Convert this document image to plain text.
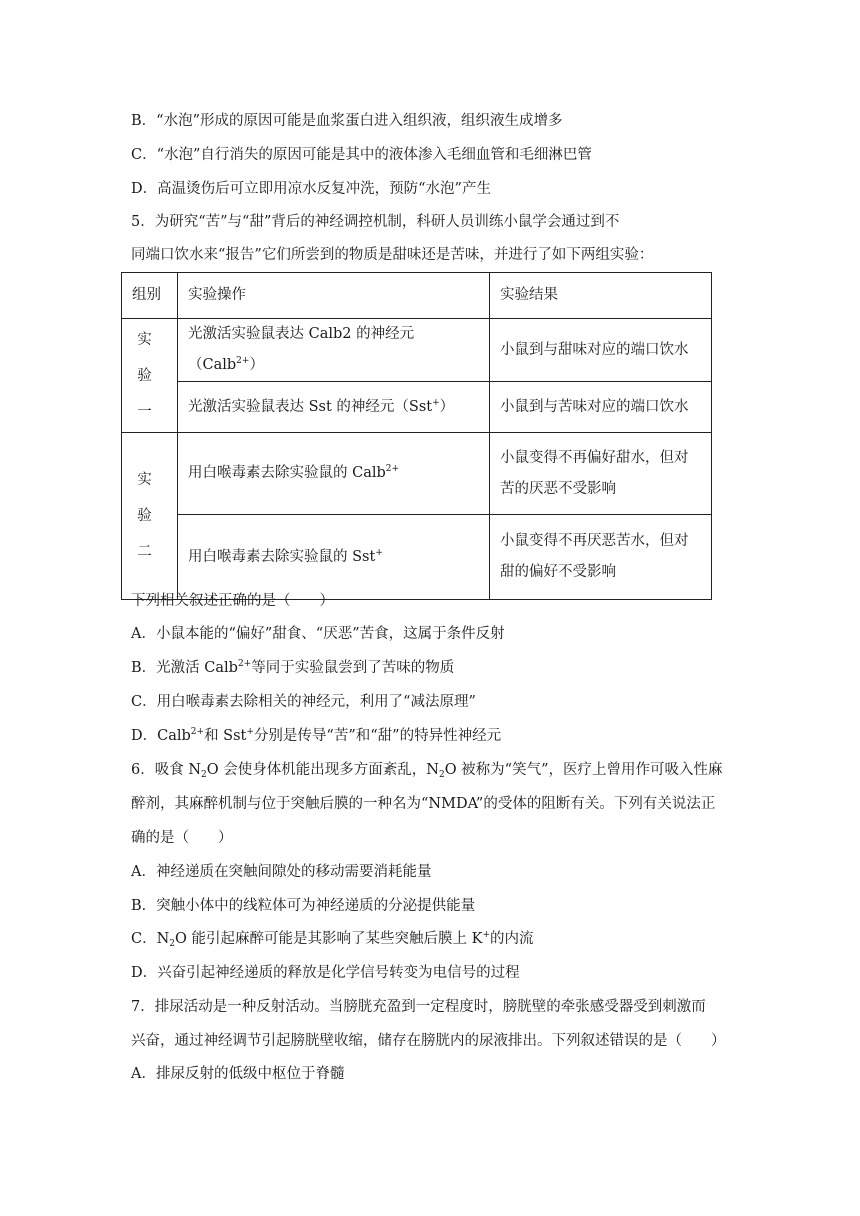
B．“水泡”形成的原因可能是血浆蛋白进入组织液，组织液生成增多
C．“水泡”自行消失的原因可能是其中的液体渗入毛细血管和毛细淋巴管
D．高温烫伤后可立即用凉水反复冲洗，预防“水泡”产生
5．为研究“苦”与“甜”背后的神经调控机制，科研人员训练小鼠学会通过到不
同端口饮水来“报告”它们所尝到的物质是甜味还是苦味，并进行了如下两组实验：
组别	实验操作	实验结果
实验一	光激活实验鼠表达 Calb2 的神经元（Calb$^{2+}$）	小鼠到与甜味对应的端口饮水
	光激活实验鼠表达 Sst 的神经元（Sst+）	小鼠到与苦味对应的端口饮水
实验二	用白喉毒素去除实验鼠的 Calb$^{2+}$	小鼠变得不再偏好甜水，但对苦的厌恶不受影响
	用白喉毒素去除实验鼠的 Sst+	小鼠变得不再厌恶苦水，但对甜的偏好不受影响
下列相关叙述正确的是（　　）
A．小鼠本能的“偏好”甜食、“厌恶”苦食，这属于条件反射
B．光激活 Calb$^{2+}$等同于实验鼠尝到了苦味的物质
C．用白喉毒素去除相关的神经元，利用了“减法原理”
D．Calb$^{2+}$和 Sst+分别是传导“苦”和“甜”的特异性神经元
6．吸食 $N_2O$ 会使身体机能出现多方面紊乱，$N_2O$ 被称为“笑气”，医疗上曾用作可吸入性麻
醉剂，其麻醉机制与位于突触后膜的一种名为“NMDA”的受体的阻断有关。下列有关说法正
确的是（　　）
A．神经递质在突触间隙处的移动需要消耗能量
B．突触小体中的线粒体可为神经递质的分泌提供能量
C．$N_2O$ 能引起麻醉可能是其影响了某些突触后膜上 K+的内流
D．兴奋引起神经递质的释放是化学信号转变为电信号的过程
7．排尿活动是一种反射活动。当膀胱充盈到一定程度时，膀胱壁的牵张感受器受到刺激而
兴奋，通过神经调节引起膀胱壁收缩，储存在膀胱内的尿液排出。下列叙述错误的是（　　）
A．排尿反射的低级中枢位于脊髓
